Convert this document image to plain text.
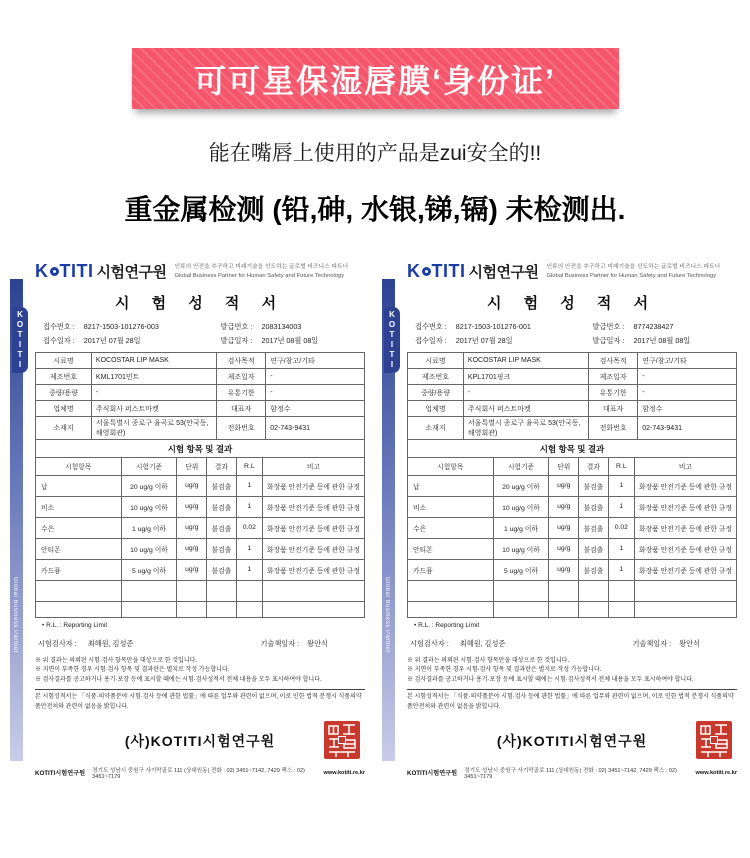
可可星保湿唇膜‘身份证’
能在嘴唇上使用的产品是zui安全的!!
重金属检测 (铅,砷, 水银,锑,镉) 未检测出.
KOTITI
Global Business Partner
K TITI 시험연구원 인류의 안전을 추구하고 미래기술을 선도하는 글로벌 비즈니스 파트너
Global Business Partner for Human Safety and Future Technology
시 험 성 적 서
접수번호 : 8217-1503-101276-003	발급번호 : 2083134003
접수일자 : 2017년 07월 28일	발급일자 : 2017년 08월 08일
시료명	KOCOSTAR LIP MASK	검사목적	연구/참고/기타
제조번호	KML1701민트	제조일자	-
중량/용량	-	유통기한	-
업체명	주식회사 퍼스트마켓	대표자	함정수
소재지	서울특별시 종로구 율곡로 53(안국동,해영회관)	전화번호	02-743-9431
시험 항목 및 결과
시험항목	시험기준	단위	결과	R.L	비고
납	20 ug/g 이하	ug/g	불검출	1	화장품 안전기준 등에 관한 규정
비소	10 ug/g 이하	ug/g	불검출	1	화장품 안전기준 등에 관한 규정
수은	1 ug/g 이하	ug/g	불검출	0.02	화장품 안전기준 등에 관한 규정
안티몬	10 ug/g 이하	ug/g	불검출	1	화장품 안전기준 등에 관한 규정
카드뮴	5 ug/g 이하	ug/g	불검출	1	화장품 안전기준 등에 관한 규정

• R.L. : Reporting Limit
시험검사자 : 최혜원, 김성준	기술책임자 : 왕안식
※ 위 결과는 의뢰된 시험·검사 항목만을 대상으로 한 것입니다.
※ 지면이 부족한 경우 시험·검사 항목 및 결과란은 별지로 작성 가능합니다.
※ 검사결과를 공고하거나 용기·포장 등에 표시할 때에는 시험·검사성적서 전체 내용을 모두 표시하여야 합니다.
본 시험성적서는 「식품·의약품분야 시험·검사 등에 관한 법률」에 따른 업무와 관련이 없으며, 이로 인한 법적 분쟁시 식품의약품안전처와 관련이 없음을 밝힙니다.
(사)KOTITI시험연구원
KOTITI시험연구원 경기도 성남시 중원구 사기막골로 111 (상대원동) 전화 : 02) 3451~7142, 7429 팩스 : 02) 3451~7179
www.kotiti.re.kr
KOTITI
Global Business Partner
K TITI 시험연구원 인류의 안전을 추구하고 미래기술을 선도하는 글로벌 비즈니스 파트너
Global Business Partner for Human Safety and Future Technology
시 험 성 적 서
접수번호 : 8217-1503-101276-001	발급번호 : 8774238427
접수일자 : 2017년 07월 28일	발급일자 : 2017년 08월 08일
시료명	KOCOSTAR LIP MASK	검사목적	연구/참고/기타
제조번호	KPL1701핑크	제조일자	-
중량/용량	-	유통기한	-
업체명	주식회사 퍼스트마켓	대표자	함정수
소재지	서울특별시 종로구 율곡로 53(안국동,해영회관)	전화번호	02-743-9431
시험 항목 및 결과
시험항목	시험기준	단위	결과	R.L	비고
납	20 ug/g 이하	ug/g	불검출	1	화장품 안전기준 등에 관한 규정
비소	10 ug/g 이하	ug/g	불검출	1	화장품 안전기준 등에 관한 규정
수은	1 ug/g 이하	ug/g	불검출	0.02	화장품 안전기준 등에 관한 규정
안티몬	10 ug/g 이하	ug/g	불검출	1	화장품 안전기준 등에 관한 규정
카드뮴	5 ug/g 이하	ug/g	불검출	1	화장품 안전기준 등에 관한 규정

• R.L. : Reporting Limit
시험검사자 : 최혜원, 김성준	기술책임자 : 왕안식
※ 위 결과는 의뢰된 시험·검사 항목만을 대상으로 한 것입니다.
※ 지면이 부족한 경우 시험·검사 항목 및 결과란은 별지로 작성 가능합니다.
※ 검사결과를 공고하거나 용기·포장 등에 표시할 때에는 시험·검사성적서 전체 내용을 모두 표시하여야 합니다.
본 시험성적서는 「식품·의약품분야 시험·검사 등에 관한 법률」에 따른 업무와 관련이 없으며, 이로 인한 법적 분쟁시 식품의약품안전처와 관련이 없음을 밝힙니다.
(사)KOTITI시험연구원
KOTITI시험연구원 경기도 성남시 중원구 사기막골로 111 (상대원동) 전화 : 02) 3451~7142, 7429 팩스 : 02) 3451~7179
www.kotiti.re.kr
